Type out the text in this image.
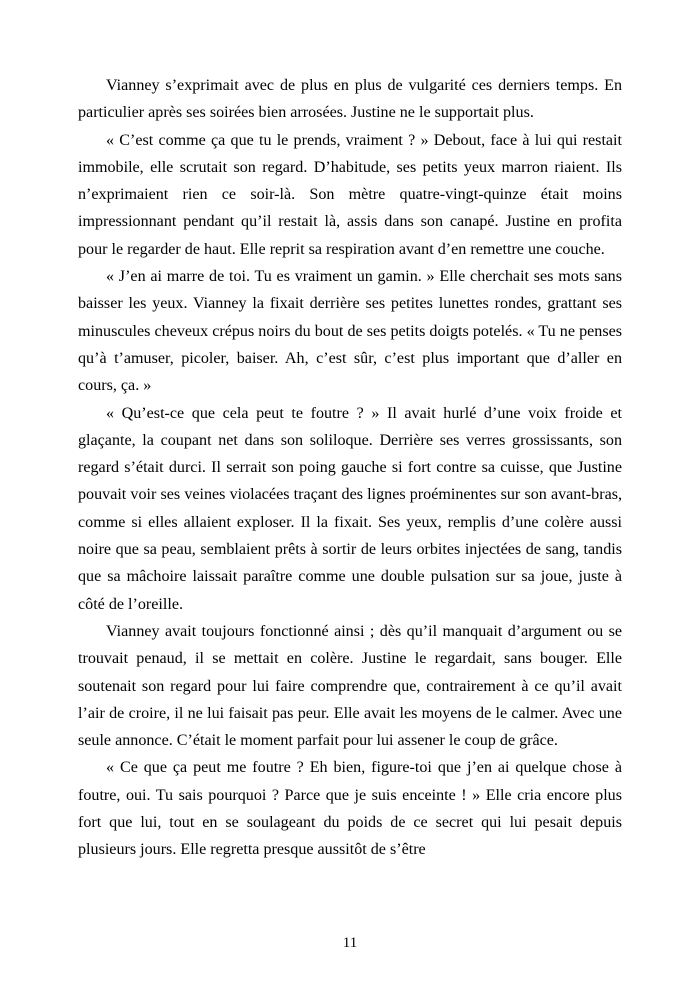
Vianney s’exprimait avec de plus en plus de vulgarité ces derniers temps. En particulier après ses soirées bien arrosées. Justine ne le supportait plus.

« C’est comme ça que tu le prends, vraiment ? » Debout, face à lui qui restait immobile, elle scrutait son regard. D’habitude, ses petits yeux marron riaient. Ils n’exprimaient rien ce soir-là. Son mètre quatre-vingt-quinze était moins impressionnant pendant qu’il restait là, assis dans son canapé. Justine en profita pour le regarder de haut. Elle reprit sa respiration avant d’en remettre une couche.

« J’en ai marre de toi. Tu es vraiment un gamin. » Elle cherchait ses mots sans baisser les yeux. Vianney la fixait derrière ses petites lunettes rondes, grattant ses minuscules cheveux crépus noirs du bout de ses petits doigts potelés. « Tu ne penses qu’à t’amuser, picoler, baiser. Ah, c’est sûr, c’est plus important que d’aller en cours, ça. »

« Qu’est-ce que cela peut te foutre ? » Il avait hurlé d’une voix froide et glaçante, la coupant net dans son soliloque. Derrière ses verres grossissants, son regard s’était durci. Il serrait son poing gauche si fort contre sa cuisse, que Justine pouvait voir ses veines violacées traçant des lignes proéminentes sur son avant-bras, comme si elles allaient exploser. Il la fixait. Ses yeux, remplis d’une colère aussi noire que sa peau, semblaient prêts à sortir de leurs orbites injectées de sang, tandis que sa mâchoire laissait paraître comme une double pulsation sur sa joue, juste à côté de l’oreille.

Vianney avait toujours fonctionné ainsi ; dès qu’il manquait d’argument ou se trouvait penaud, il se mettait en colère. Justine le regardait, sans bouger. Elle soutenait son regard pour lui faire comprendre que, contrairement à ce qu’il avait l’air de croire, il ne lui faisait pas peur. Elle avait les moyens de le calmer. Avec une seule annonce. C’était le moment parfait pour lui assener le coup de grâce.

« Ce que ça peut me foutre ? Eh bien, figure-toi que j’en ai quelque chose à foutre, oui. Tu sais pourquoi ? Parce que je suis enceinte ! » Elle cria encore plus fort que lui, tout en se soulageant du poids de ce secret qui lui pesait depuis plusieurs jours. Elle regretta presque aussitôt de s’être

11
